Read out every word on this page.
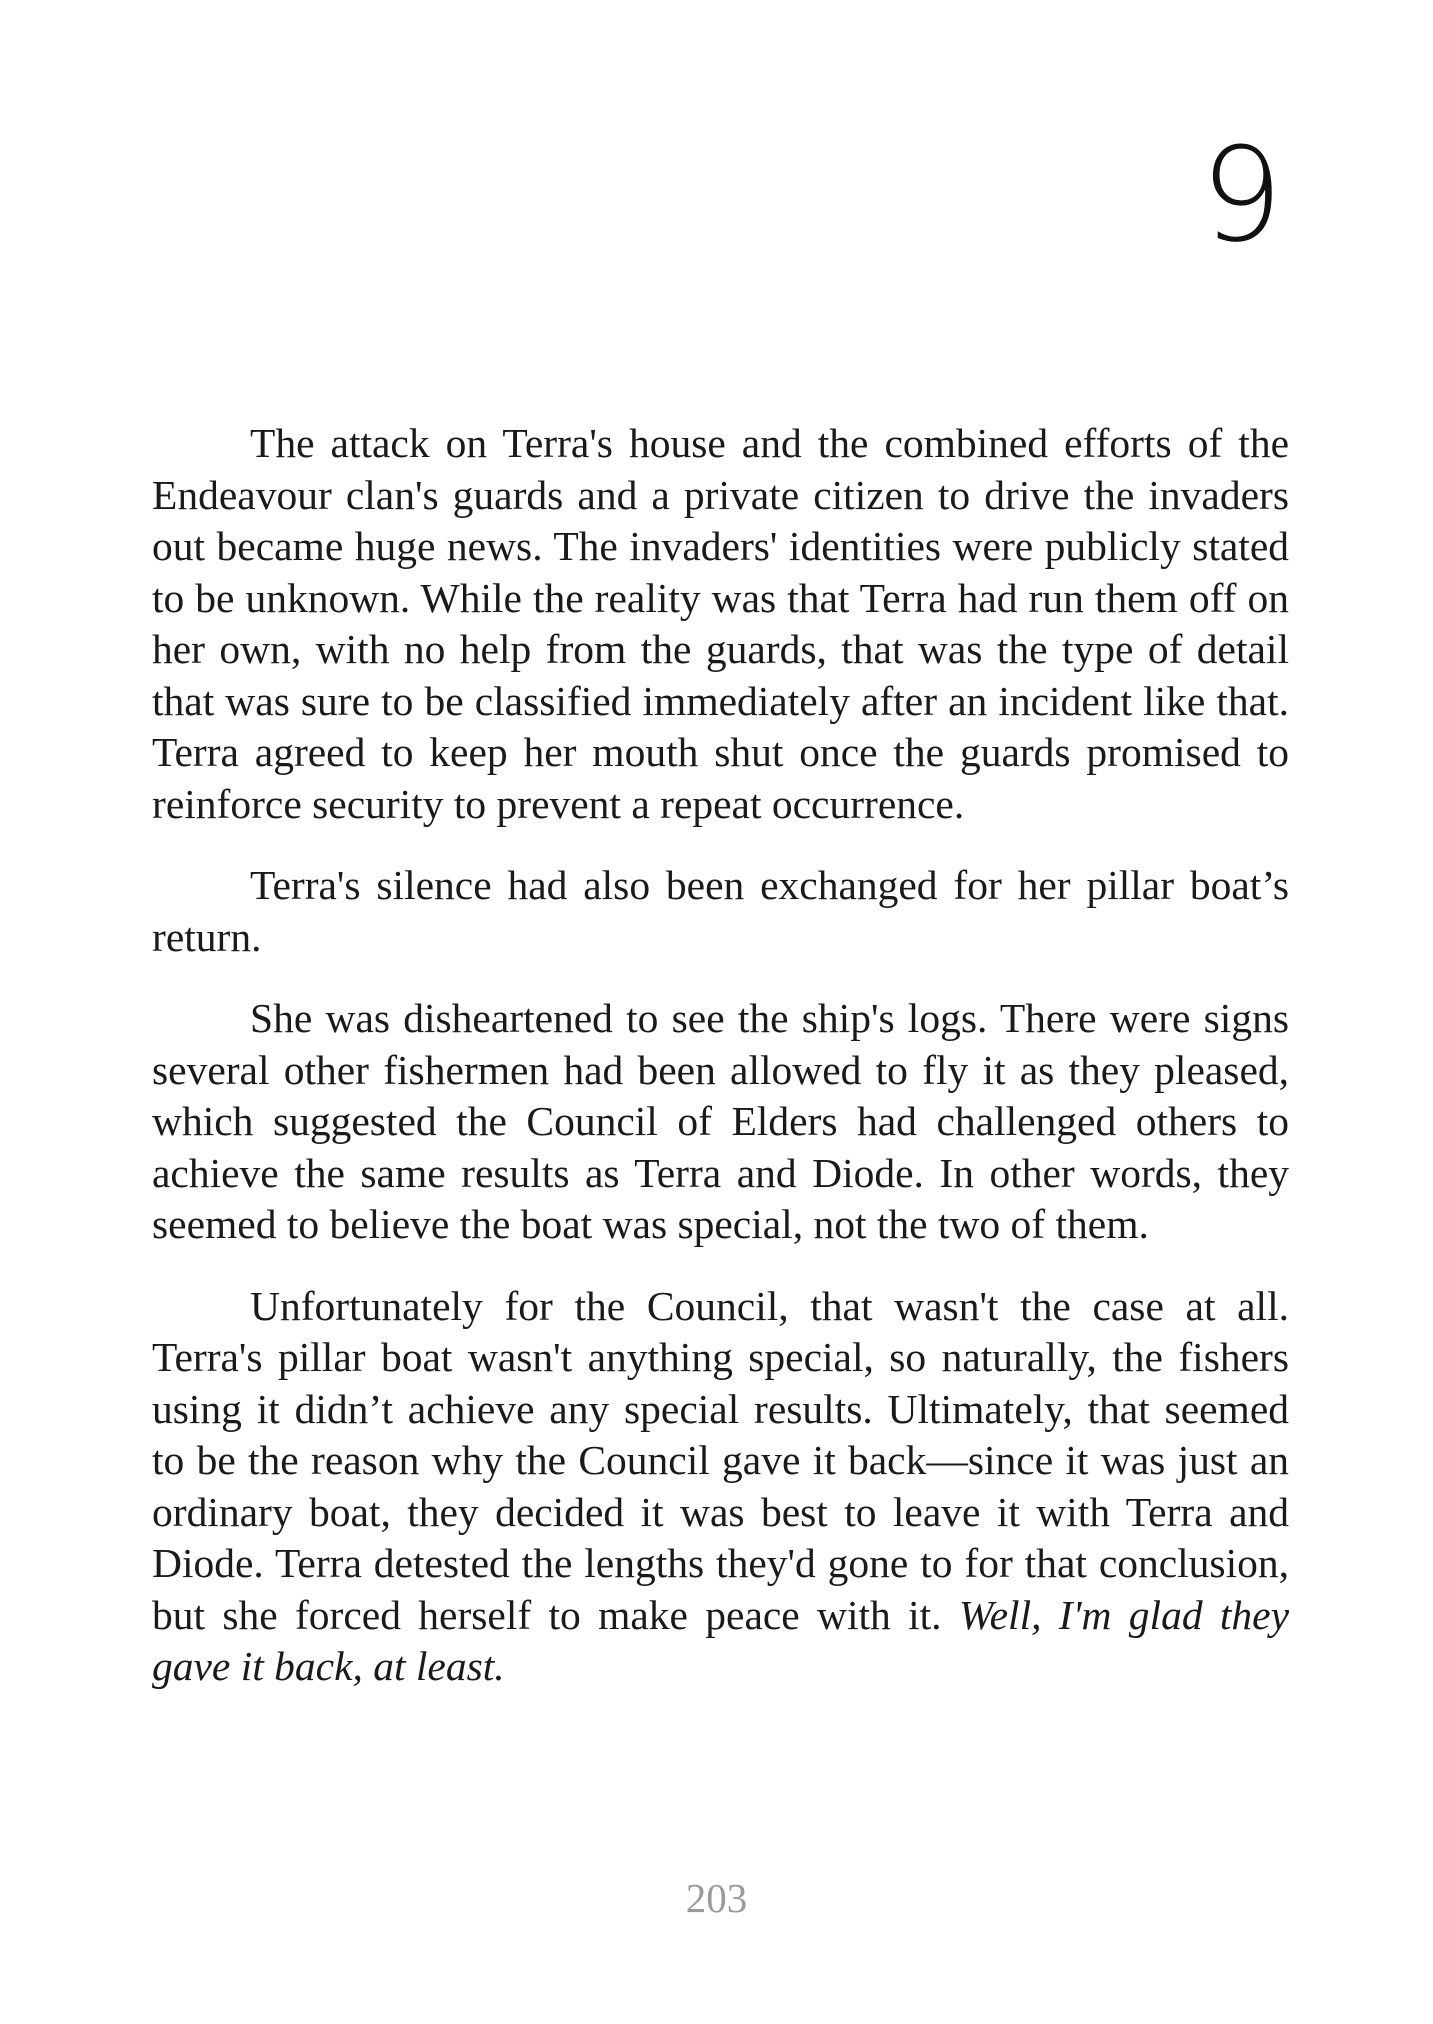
9

The attack on Terra's house and the combined efforts of the Endeavour clan's guards and a private citizen to drive the invaders out became huge news. The invaders' identities were publicly stated to be unknown. While the reality was that Terra had run them off on her own, with no help from the guards, that was the type of detail that was sure to be classified immediately after an incident like that. Terra agreed to keep her mouth shut once the guards promised to reinforce security to prevent a repeat occurrence.

Terra's silence had also been exchanged for her pillar boat’s return.

She was disheartened to see the ship's logs. There were signs several other fishermen had been allowed to fly it as they pleased, which suggested the Council of Elders had challenged others to achieve the same results as Terra and Diode. In other words, they seemed to believe the boat was special, not the two of them.

Unfortunately for the Council, that wasn't the case at all. Terra's pillar boat wasn't anything special, so naturally, the fishers using it didn’t achieve any special results. Ultimately, that seemed to be the reason why the Council gave it back—since it was just an ordinary boat, they decided it was best to leave it with Terra and Diode. Terra detested the lengths they'd gone to for that conclusion, but she forced herself to make peace with it. Well, I'm glad they gave it back, at least.

203
